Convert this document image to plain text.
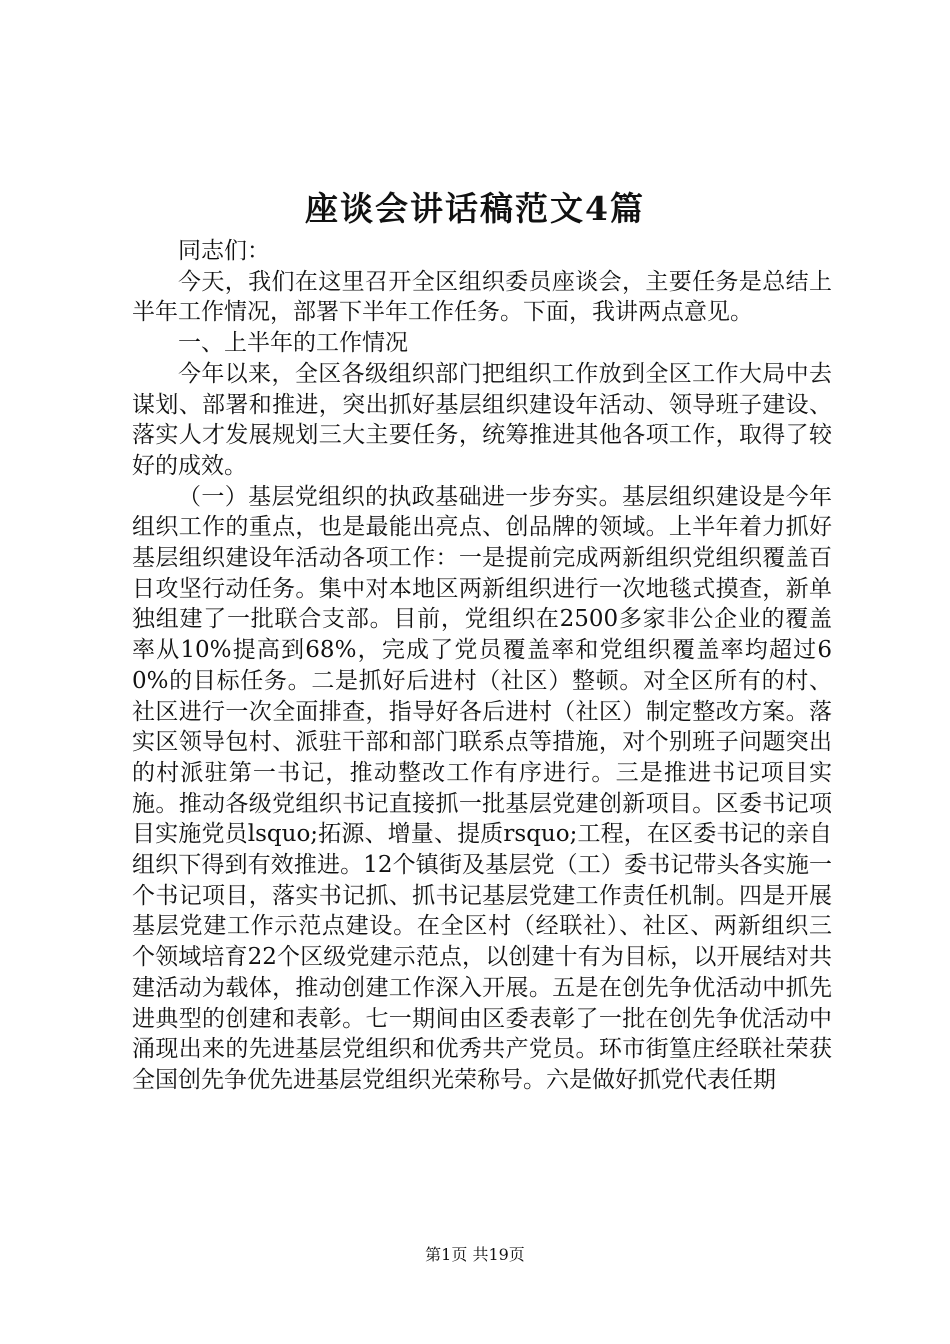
座谈会讲话稿范文4篇

同志们：

今天，我们在这里召开全区组织委员座谈会，主要任务是总结上半年工作情况，部署下半年工作任务。下面，我讲两点意见。

一、上半年的工作情况

今年以来，全区各级组织部门把组织工作放到全区工作大局中去谋划、部署和推进，突出抓好基层组织建设年活动、领导班子建设、落实人才发展规划三大主要任务，统筹推进其他各项工作，取得了较好的成效。

（一）基层党组织的执政基础进一步夯实。基层组织建设是今年组织工作的重点，也是最能出亮点、创品牌的领域。上半年着力抓好基层组织建设年活动各项工作：一是提前完成两新组织党组织覆盖百日攻坚行动任务。集中对本地区两新组织进行一次地毯式摸查，新单独组建了一批联合支部。目前，党组织在2500多家非公企业的覆盖率从10%提高到68%，完成了党员覆盖率和党组织覆盖率均超过60%的目标任务。二是抓好后进村（社区）整顿。对全区所有的村、社区进行一次全面排查，指导好各后进村（社区）制定整改方案。落实区领导包村、派驻干部和部门联系点等措施，对个别班子问题突出的村派驻第一书记，推动整改工作有序进行。三是推进书记项目实施。推动各级党组织书记直接抓一批基层党建创新项目。区委书记项目实施党员lsquo;拓源、增量、提质rsquo;工程，在区委书记的亲自组织下得到有效推进。12个镇街及基层党（工）委书记带头各实施一个书记项目，落实书记抓、抓书记基层党建工作责任机制。四是开展基层党建工作示范点建设。在全区村（经联社）、社区、两新组织三个领域培育22个区级党建示范点，以创建十有为目标，以开展结对共建活动为载体，推动创建工作深入开展。五是在创先争优活动中抓先进典型的创建和表彰。七一期间由区委表彰了一批在创先争优活动中涌现出来的先进基层党组织和优秀共产党员。环市街篁庄经联社荣获全国创先争优先进基层党组织光荣称号。六是做好抓党代表任期

第1页 共19页
